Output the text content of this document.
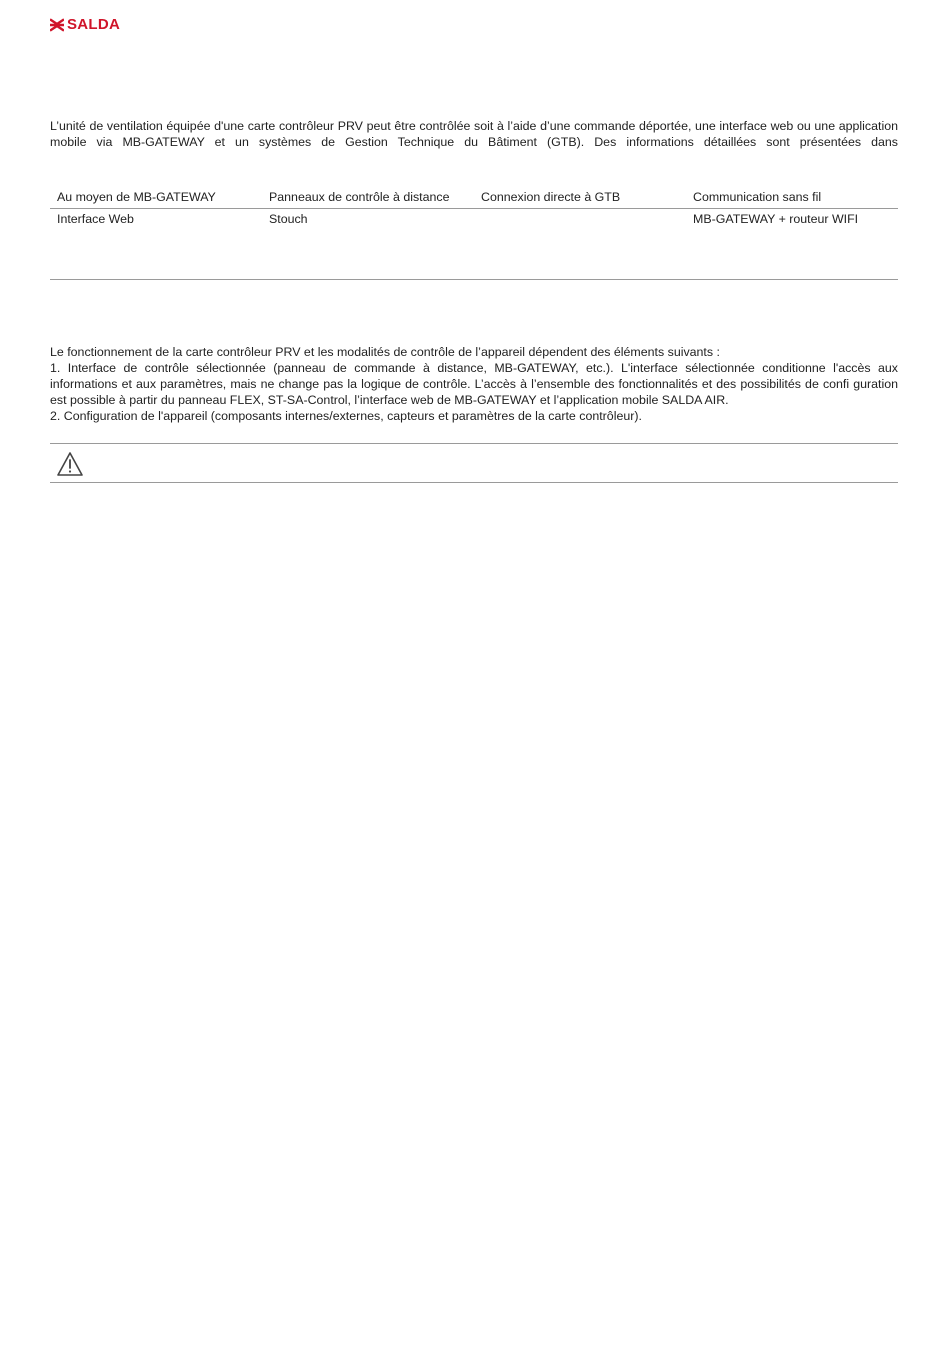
SALDA

L’unité de ventilation équipée d'une carte contrôleur PRV peut être contrôlée soit à l’aide d’une commande déportée, une interface web ou une application mobile via MB-GATEWAY et un systèmes de Gestion Technique du Bâtiment (GTB). Des informations détaillées sont présentées dans

Au moyen de MB-GATEWAY	Panneaux de contrôle à distance	Connexion directe à GTB	Communication sans fil
Interface Web	Stouch		MB-GATEWAY + routeur WIFI

Le fonctionnement de la carte contrôleur PRV et les modalités de contrôle de l’appareil dépendent des éléments suivants :

1. Interface de contrôle sélectionnée (panneau de commande à distance, MB-GATEWAY, etc.). L'interface sélectionnée conditionne l'accès aux informations et aux paramètres, mais ne change pas la logique de contrôle. L’accès à l’ensemble des fonctionnalités et des possibilités de confi guration est possible à partir du panneau FLEX, ST-SA-Control, l’interface web de MB-GATEWAY et l’application mobile SALDA AIR.

2. Configuration de l'appareil (composants internes/externes, capteurs et paramètres de la carte contrôleur).
